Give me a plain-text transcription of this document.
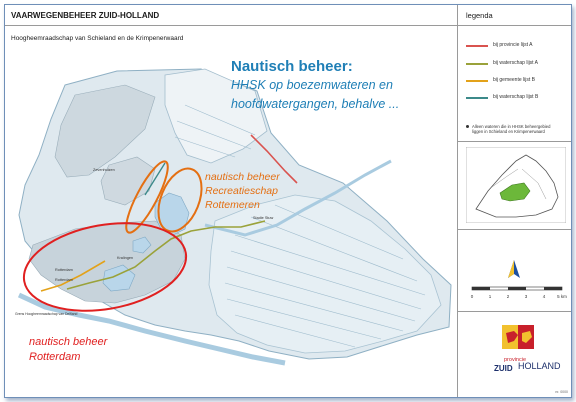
VAARWEGENBEHEER ZUID-HOLLAND
Hoogheemraadschap van Schieland en de Krimpenerwaard
Zevenhuizen
Stadie Stuw
Rotterdam
Rotterdam
Kralingen
Grens Hoogheemraadschap van Delfland
Nautisch beheer:
HHSK op boezemwateren en
hoofdwatergangen, behalve ...
nautisch beheer
Recreatieschap
Rottemeren
nautisch beheer
Rotterdam
legenda
bij provincie lijst A
bij waterschap lijst A
bij gemeente lijst B
bij waterschap lijst B
Alleen wateren die in HHSK beheergebied liggen in Schieland en Krimpenerwaard
0	1	2	3	4	5 km
provincie
ZUID HOLLAND
nr. 0000
